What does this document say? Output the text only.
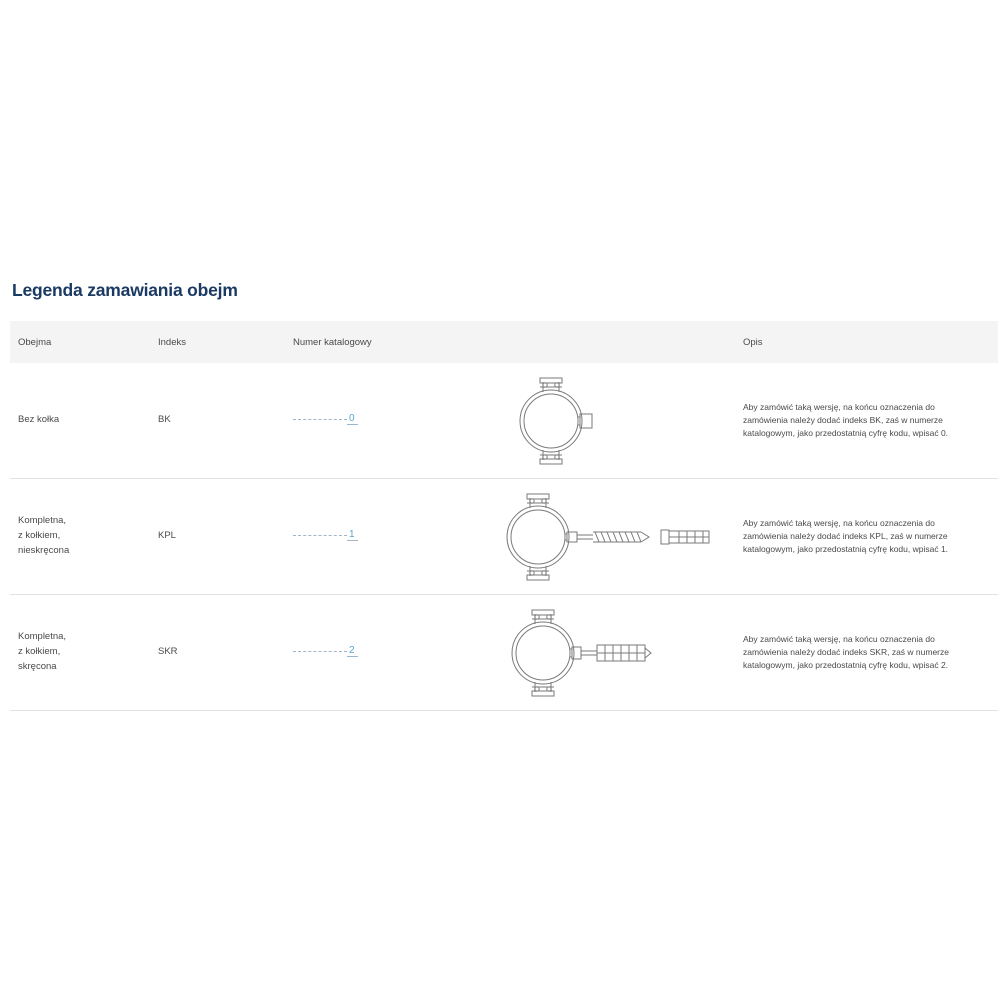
Legenda zamawiania obejm
Obejma	Indeks	Numer katalogowy		Opis
Bez kołka	BK	0		Aby zamówić taką wersję, na końcu oznaczenia do zamówienia należy dodać indeks BK, zaś w numerze katalogowym, jako przedostatnią cyfrę kodu, wpisać 0.

Kompletna,
z kołkiem,
nieskręcona	KPL	1		Aby zamówić taką wersję, na końcu oznaczenia do zamówienia należy dodać indeks KPL, zaś w numerze katalogowym, jako przedostatnią cyfrę kodu, wpisać 1.

Kompletna,
z kołkiem,
skręcona	SKR	2		Aby zamówić taką wersję, na końcu oznaczenia do zamówienia należy dodać indeks SKR, zaś w numerze katalogowym, jako przedostatnią cyfrę kodu, wpisać 2.
